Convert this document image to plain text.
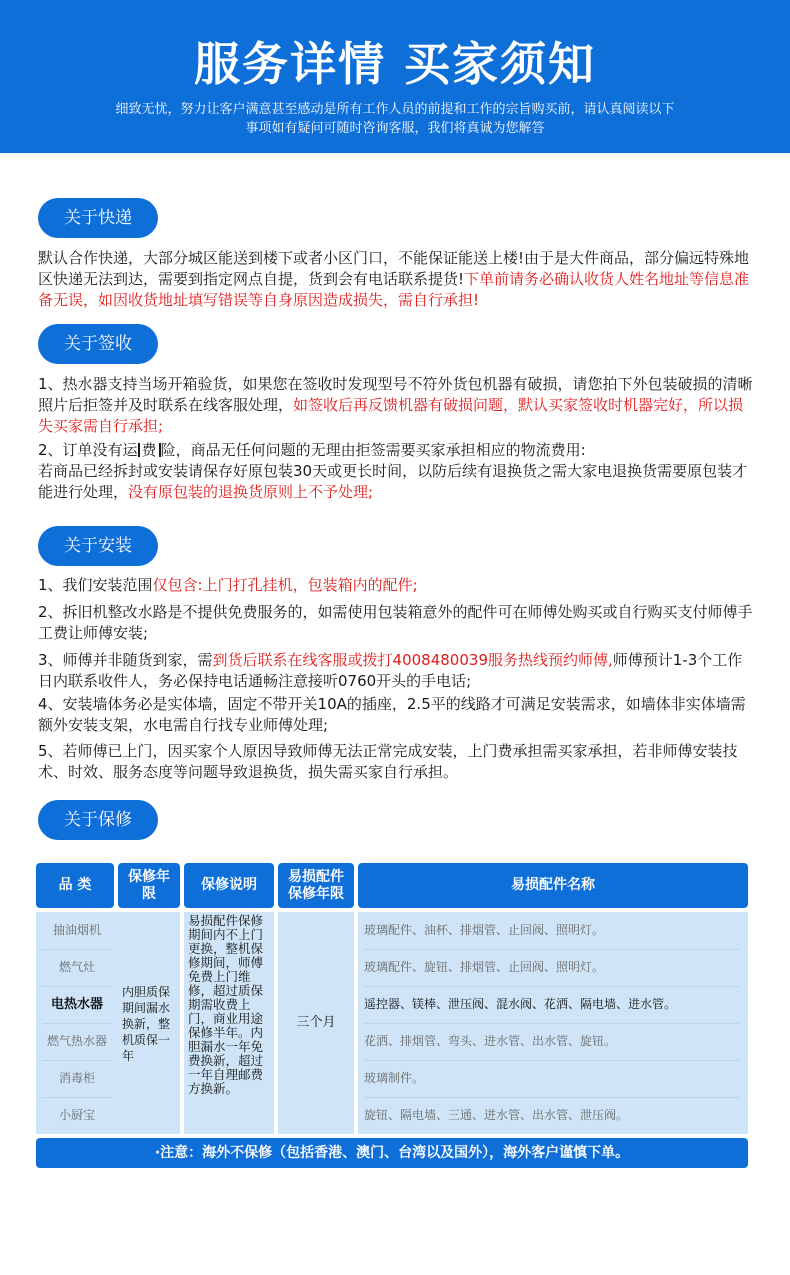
服务详情 买家须知
细致无忧，努力让客户满意甚至感动是所有工作人员的前提和工作的宗旨购买前，请认真阅读以下事项如有疑问可随时咨询客服，我们将真诚为您解答
关于快递
默认合作快递，大部分城区能送到楼下或者小区门口，不能保证能送上楼!由于是大件商品，部分偏远特殊地区快递无法到达，需要到指定网点自提，货到会有电话联系提货!下单前请务必确认收货人姓名地址等信息准备无误，如因收货地址填写错误等自身原因造成损失，需自行承担!
关于签收
1、热水器支持当场开箱验货，如果您在签收时发现型号不符外货包机器有破损，请您拍下外包装破损的清晰照片后拒签并及时联系在线客服处理，如签收后再反馈机器有破损问题，默认买家签收时机器完好，所以损失买家需自行承担;
2、订单没有运 费 险，商品无任何问题的无理由拒签需要买家承担相应的物流费用:
若商品已经拆封或安装请保存好原包装30天或更长时间，以防后续有退换货之需大家电退换货需要原包装才能进行处理，没有原包装的退换货原则上不予处理;
关于安装
1、我们安装范围仅包含:上门打孔挂机，包装箱内的配件;
2、拆旧机整改水路是不提供免费服务的，如需使用包装箱意外的配件可在师傅处购买或自行购买支付师傅手工费让师傅安装;
3、师傅并非随货到家，需到货后联系在线客服或拨打4008480039服务热线预约师傅,师傅预计1-3个工作日内联系收件人，务必保持电话通畅注意接听0760开头的手电话;
4、安装墙体务必是实体墙，固定不带开关10A的插座，2.5平的线路才可满足安装需求，如墙体非实体墙需额外安装支架，水电需自行找专业师傅处理;
5、若师傅已上门，因买家个人原因导致师傅无法正常完成安装，上门费承担需买家承担，若非师傅安装技术、时效、服务态度等问题导致退换货，损失需买家自行承担。
关于保修
品 类
保修年限
保修说明
易损配件保修年限
易损配件名称
抽油烟机
燃气灶
电热水器
燃气热水器
消毒柜
小厨宝
内胆质保期间漏水换新，整机质保一年
易损配件保修期间内不上门更换，整机保修期间，师傅免费上门维修，超过质保期需收费上门，商业用途保修半年。内胆漏水一年免费换新，超过一年自理邮费方换新。
三个月
玻璃配件、油杯、排烟管、止回阀、照明灯。
玻璃配件、旋钮、排烟管、止回阀、照明灯。
遥控器、镁棒、泄压阀、混水阀、花洒、隔电墙、进水管。
花洒、排烟管、弯头、进水管、出水管、旋钮。
玻璃制件。
旋钮、隔电墙、三通、进水管、出水管、泄压阀。
·注意：海外不保修（包括香港、澳门、台湾以及国外），海外客户谨慎下单。
